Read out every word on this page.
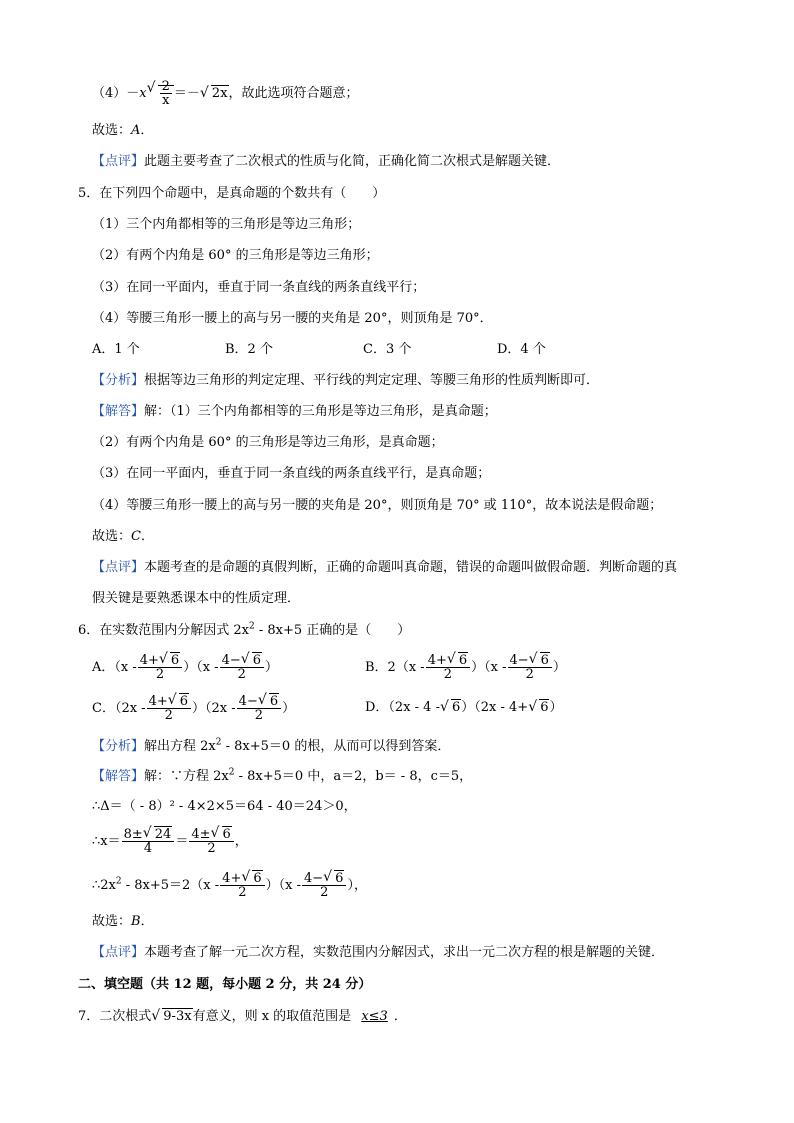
（4）－x √ $\frac{2}{x}$ ＝－ √ 2x，故此选项符合题意；
故选：A．
【点评】此题主要考查了二次根式的性质与化简，正确化简二次根式是解题关键．
5．在下列四个命题中，是真命题的个数共有（　　）
（1）三个内角都相等的三角形是等边三角形；
（2）有两个内角是 60° 的三角形是等边三角形；
（3）在同一平面内，垂直于同一条直线的两条直线平行；
（4）等腰三角形一腰上的高与另一腰的夹角是 20°，则顶角是 70°．
A．1 个	B．2 个	C．3 个	D．4 个
【分析】根据等边三角形的判定定理、平行线的判定定理、等腰三角形的性质判断即可．
【解答】解：（1）三个内角都相等的三角形是等边三角形，是真命题；
（2）有两个内角是 60° 的三角形是等边三角形，是真命题；
（3）在同一平面内，垂直于同一条直线的两条直线平行，是真命题；
（4）等腰三角形一腰上的高与另一腰的夹角是 20°，则顶角是 70° 或 110°，故本说法是假命题；
故选：C．
【点评】本题考查的是命题的真假判断，正确的命题叫真命题，错误的命题叫做假命题．判断命题的真
假关键是要熟悉课本中的性质定理．
6．在实数范围内分解因式 $2x^2 - 8x+5$ 正确的是（　　）
A．$(x - \frac{4+ √ 6}{2} )(x - \frac{4- √ 6}{2}$ ）	B．$2(x - \frac{4+ √ 6}{2} )(x - \frac{4- √ 6}{2}$ ）
C．$(2x - \frac{4+ √ 6}{2} )(2x - \frac{4- √ 6}{2}$ ）	D．（2x - 4 - √ 6）（2x - 4+ √ 6）
【分析】解出方程 $2x^2 - 8x+5=0$ 的根，从而可以得到答案．
【解答】解：∵方程 $2x^2 - 8x+5=0$ 中，a＝2，b＝ - 8，c＝5，
∴Δ＝（ - 8）² - 4×2×5＝64 - 40＝24＞0，
∴x＝ $\frac{8\pm √ 24}{4} = \frac{4\pm √ 6}{2}$ ，
$\therefore 2x^2 - 8x+5=2(x - \frac{4+ √ 6}{2} )(x - \frac{4- √ 6}{2}$ ），
故选：B．
【点评】本题考查了解一元二次方程，实数范围内分解因式，求出一元二次方程的根是解题的关键．
二、填空题（共 12 题，每小题 2 分，共 24 分）
7．二次根式 √ 9-3x有意义，则 x 的取值范围是 x≤3 ．
